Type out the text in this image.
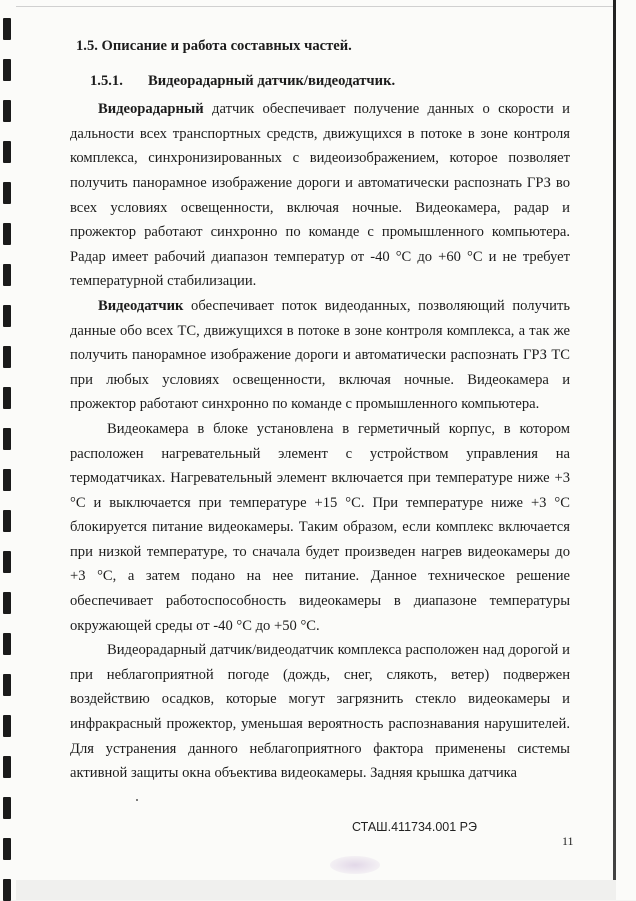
1.5. Описание и работа составных частей.
1.5.1. Видеорадарный датчик/видеодатчик.

Видеорадарный датчик обеспечивает получение данных о скорости и дальности всех транспортных средств, движущихся в потоке в зоне контроля комплекса, синхронизированных с видеоизображением, которое позволяет получить панорамное изображение дороги и автоматически распознать ГРЗ во всех условиях освещенности, включая ночные. Видеокамера, радар и прожектор работают синхронно по команде с промышленного компьютера. Радар имеет рабочий диапазон температур от -40 °С до +60 °С и не требует температурной стабилизации.

Видеодатчик обеспечивает поток видеоданных, позволяющий получить данные обо всех ТС, движущихся в потоке в зоне контроля комплекса, а так же получить панорамное изображение дороги и автоматически распознать ГРЗ ТС при любых условиях освещенности, включая ночные. Видеокамера и прожектор работают синхронно по команде с промышленного компьютера.

Видеокамера в блоке установлена в герметичный корпус, в котором расположен нагревательный элемент с устройством управления на термодатчиках. Нагревательный элемент включается при температуре ниже +3 °С и выключается при температуре +15 °С. При температуре ниже +3 °С блокируется питание видеокамеры. Таким образом, если комплекс включается при низкой температуре, то сначала будет произведен нагрев видеокамеры до +3 °С, а затем подано на нее питание. Данное техническое решение обеспечивает работоспособность видеокамеры в диапазоне температуры окружающей среды от -40 °С до +50 °С.

Видеорадарный датчик/видеодатчик комплекса расположен над дорогой и при неблагоприятной погоде (дождь, снег, слякоть, ветер) подвержен воздействию осадков, которые могут загрязнить стекло видеокамеры и инфракрасный прожектор, уменьшая вероятность распознавания нарушителей. Для устранения данного неблагоприятного фактора применены системы активной защиты окна объектива видеокамеры. Задняя крышка датчика

СТАШ.411734.001 РЭ
11
